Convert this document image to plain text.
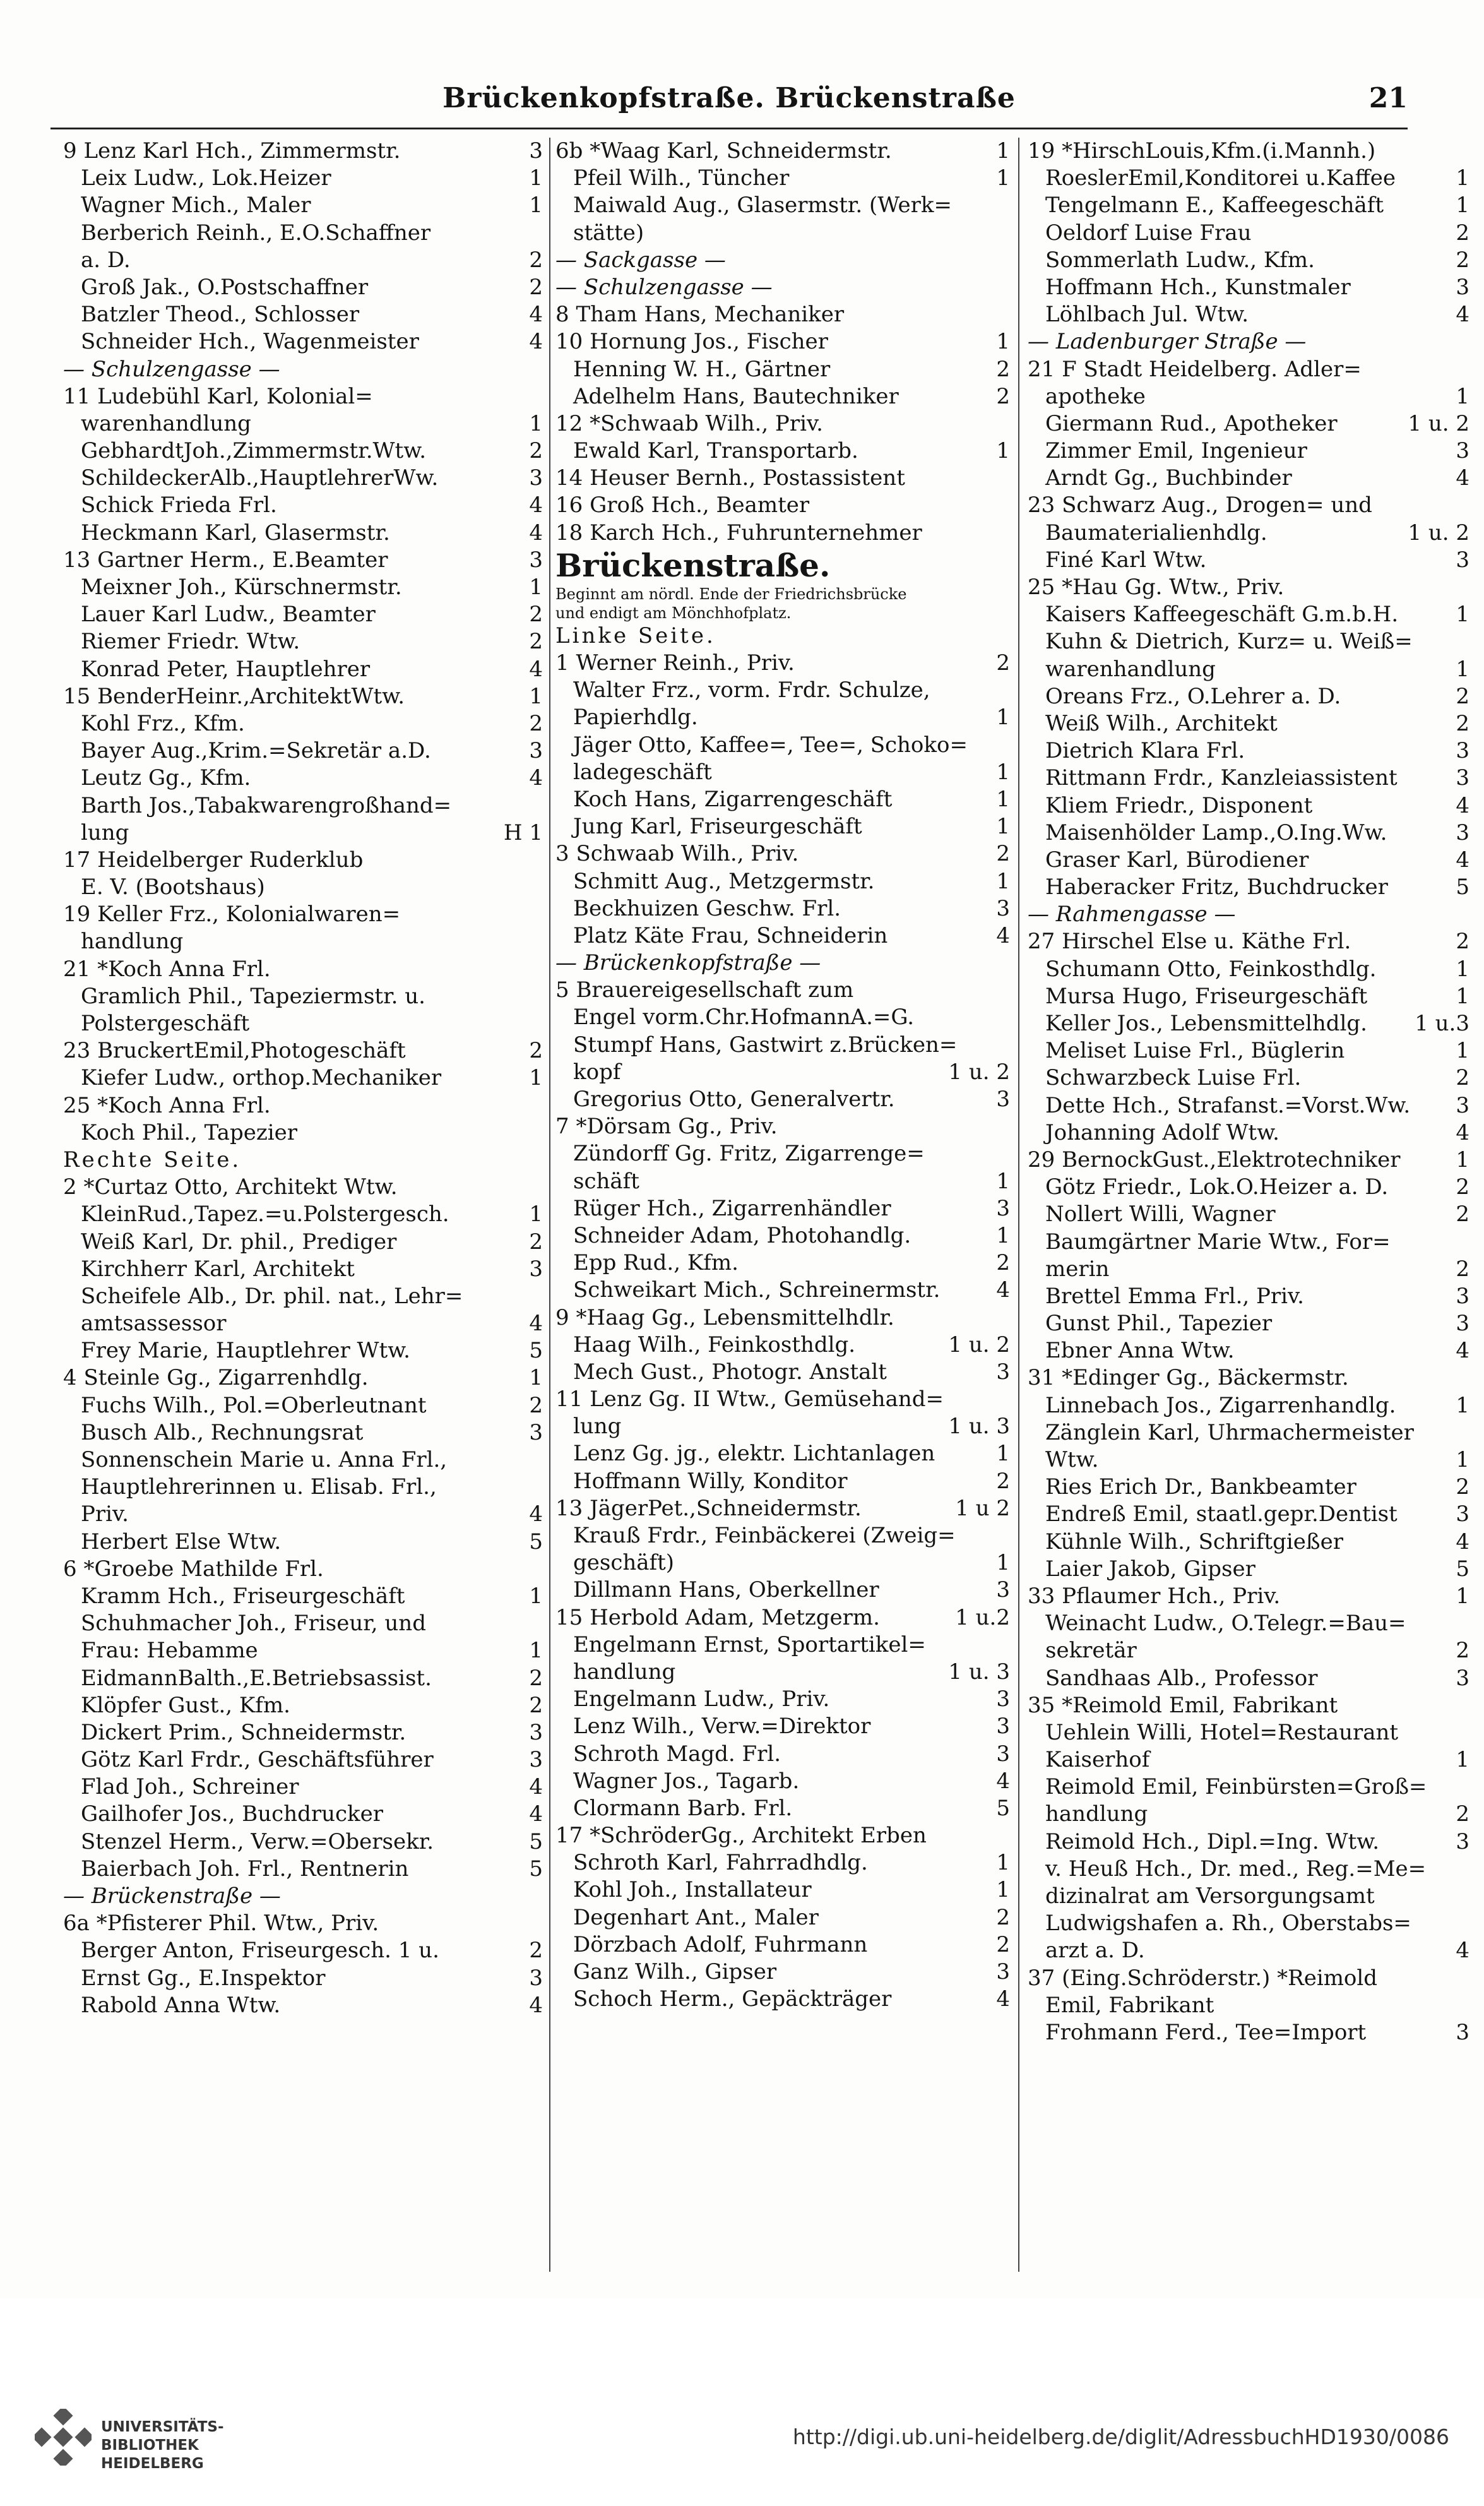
Brückenkopfstraße. Brückenstraße	21
9 Lenz Karl Hch., Zimmermstr.	3
Leix Ludw., Lok.Heizer	1
Wagner Mich., Maler	1
Berberich Reinh., E.O.Schaffner
a. D.	2
Groß Jak., O.Postschaffner	2
Batzler Theod., Schlosser	4
Schneider Hch., Wagenmeister	4
— Schulzengasse —
11 Ludebühl Karl, Kolonial=
warenhandlung	1
GebhardtJoh.,Zimmermstr.Wtw.	2
SchildeckerAlb.,HauptlehrerWw.	3
Schick Frieda Frl.	4
Heckmann Karl, Glasermstr.	4
13 Gartner Herm., E.Beamter	3
Meixner Joh., Kürschnermstr.	1
Lauer Karl Ludw., Beamter	2
Riemer Friedr. Wtw.	2
Konrad Peter, Hauptlehrer	4
15 BenderHeinr.,ArchitektWtw.	1
Kohl Frz., Kfm.	2
Bayer Aug.,Krim.=Sekretär a.D.	3
Leutz Gg., Kfm.	4
Barth Jos.,Tabakwarengroßhand=
lung	H 1
17 Heidelberger Ruderklub
E. V. (Bootshaus)
19 Keller Frz., Kolonialwaren=
handlung
21 *Koch Anna Frl.
Gramlich Phil., Tapeziermstr. u.
Polstergeschäft
23 BruckertEmil,Photogeschäft	2
Kiefer Ludw., orthop.Mechaniker	1
25 *Koch Anna Frl.
Koch Phil., Tapezier
Rechte Seite.
2 *Curtaz Otto, Architekt Wtw.
KleinRud.,Tapez.=u.Polstergesch.	1
Weiß Karl, Dr. phil., Prediger	2
Kirchherr Karl, Architekt	3
Scheifele Alb., Dr. phil. nat., Lehr=
amtsassessor	4
Frey Marie, Hauptlehrer Wtw.	5
4 Steinle Gg., Zigarrenhdlg.	1
Fuchs Wilh., Pol.=Oberleutnant	2
Busch Alb., Rechnungsrat	3
Sonnenschein Marie u. Anna Frl.,
Hauptlehrerinnen u. Elisab. Frl.,
Priv.	4
Herbert Else Wtw.	5
6 *Groebe Mathilde Frl.
Kramm Hch., Friseurgeschäft	1
Schuhmacher Joh., Friseur, und
Frau: Hebamme	1
EidmannBalth.,E.Betriebsassist.	2
Klöpfer Gust., Kfm.	2
Dickert Prim., Schneidermstr.	3
Götz Karl Frdr., Geschäftsführer	3
Flad Joh., Schreiner	4
Gailhofer Jos., Buchdrucker	4
Stenzel Herm., Verw.=Obersekr.	5
Baierbach Joh. Frl., Rentnerin	5
— Brückenstraße —
6a *Pfisterer Phil. Wtw., Priv.
Berger Anton, Friseurgesch. 1 u.	2
Ernst Gg., E.Inspektor	3
Rabold Anna Wtw.	4
6b *Waag Karl, Schneidermstr.	1
Pfeil Wilh., Tüncher	1
Maiwald Aug., Glasermstr. (Werk=
stätte)
— Sackgasse —
— Schulzengasse —
8 Tham Hans, Mechaniker
10 Hornung Jos., Fischer	1
Henning W. H., Gärtner	2
Adelhelm Hans, Bautechniker	2
12 *Schwaab Wilh., Priv.
Ewald Karl, Transportarb.	1
14 Heuser Bernh., Postassistent
16 Groß Hch., Beamter
18 Karch Hch., Fuhrunternehmer
Brückenstraße.
Beginnt am nördl. Ende der Friedrichsbrücke
und endigt am Mönchhofplatz.
Linke Seite.
1 Werner Reinh., Priv.	2
Walter Frz., vorm. Frdr. Schulze,
Papierhdlg.	1
Jäger Otto, Kaffee=, Tee=, Schoko=
ladegeschäft	1
Koch Hans, Zigarrengeschäft	1
Jung Karl, Friseurgeschäft	1
3 Schwaab Wilh., Priv.	2
Schmitt Aug., Metzgermstr.	1
Beckhuizen Geschw. Frl.	3
Platz Käte Frau, Schneiderin	4
— Brückenkopfstraße —
5 Brauereigesellschaft zum
Engel vorm.Chr.HofmannA.=G.
Stumpf Hans, Gastwirt z.Brücken=
kopf	1 u. 2
Gregorius Otto, Generalvertr.	3
7 *Dörsam Gg., Priv.
Zündorff Gg. Fritz, Zigarrenge=
schäft	1
Rüger Hch., Zigarrenhändler	3
Schneider Adam, Photohandlg.	1
Epp Rud., Kfm.	2
Schweikart Mich., Schreinermstr.	4
9 *Haag Gg., Lebensmittelhdlr.
Haag Wilh., Feinkosthdlg.	1 u. 2
Mech Gust., Photogr. Anstalt	3
11 Lenz Gg. II Wtw., Gemüsehand=
lung	1 u. 3
Lenz Gg. jg., elektr. Lichtanlagen	1
Hoffmann Willy, Konditor	2
13 JägerPet.,Schneidermstr.	1 u 2
Krauß Frdr., Feinbäckerei (Zweig=
geschäft)	1
Dillmann Hans, Oberkellner	3
15 Herbold Adam, Metzgerm.	1 u.2
Engelmann Ernst, Sportartikel=
handlung	1 u. 3
Engelmann Ludw., Priv.	3
Lenz Wilh., Verw.=Direktor	3
Schroth Magd. Frl.	3
Wagner Jos., Tagarb.	4
Clormann Barb. Frl.	5
17 *SchröderGg., Architekt Erben
Schroth Karl, Fahrradhdlg.	1
Kohl Joh., Installateur	1
Degenhart Ant., Maler	2
Dörzbach Adolf, Fuhrmann	2
Ganz Wilh., Gipser	3
Schoch Herm., Gepäckträger	4
19 *HirschLouis,Kfm.(i.Mannh.)
RoeslerEmil,Konditorei u.Kaffee	1
Tengelmann E., Kaffeegeschäft	1
Oeldorf Luise Frau	2
Sommerlath Ludw., Kfm.	2
Hoffmann Hch., Kunstmaler	3
Löhlbach Jul. Wtw.	4
— Ladenburger Straße —
21 F Stadt Heidelberg. Adler=
apotheke	1
Giermann Rud., Apotheker	1 u. 2
Zimmer Emil, Ingenieur	3
Arndt Gg., Buchbinder	4
23 Schwarz Aug., Drogen= und
Baumaterialienhdlg.	1 u. 2
Finé Karl Wtw.	3
25 *Hau Gg. Wtw., Priv.
Kaisers Kaffeegeschäft G.m.b.H.	1
Kuhn & Dietrich, Kurz= u. Weiß=
warenhandlung	1
Oreans Frz., O.Lehrer a. D.	2
Weiß Wilh., Architekt	2
Dietrich Klara Frl.	3
Rittmann Frdr., Kanzleiassistent	3
Kliem Friedr., Disponent	4
Maisenhölder Lamp.,O.Ing.Ww.	3
Graser Karl, Bürodiener	4
Haberacker Fritz, Buchdrucker	5
— Rahmengasse —
27 Hirschel Else u. Käthe Frl.	2
Schumann Otto, Feinkosthdlg.	1
Mursa Hugo, Friseurgeschäft	1
Keller Jos., Lebensmittelhdlg.	1 u.3
Meliset Luise Frl., Büglerin	1
Schwarzbeck Luise Frl.	2
Dette Hch., Strafanst.=Vorst.Ww.	3
Johanning Adolf Wtw.	4
29 BernockGust.,Elektrotechniker	1
Götz Friedr., Lok.O.Heizer a. D.	2
Nollert Willi, Wagner	2
Baumgärtner Marie Wtw., For=
merin	2
Brettel Emma Frl., Priv.	3
Gunst Phil., Tapezier	3
Ebner Anna Wtw.	4
31 *Edinger Gg., Bäckermstr.
Linnebach Jos., Zigarrenhandlg.	1
Zänglein Karl, Uhrmachermeister
Wtw.	1
Ries Erich Dr., Bankbeamter	2
Endreß Emil, staatl.gepr.Dentist	3
Kühnle Wilh., Schriftgießer	4
Laier Jakob, Gipser	5
33 Pflaumer Hch., Priv.	1
Weinacht Ludw., O.Telegr.=Bau=
sekretär	2
Sandhaas Alb., Professor	3
35 *Reimold Emil, Fabrikant
Uehlein Willi, Hotel=Restaurant
Kaiserhof	1
Reimold Emil, Feinbürsten=Groß=
handlung	2
Reimold Hch., Dipl.=Ing. Wtw.	3
v. Heuß Hch., Dr. med., Reg.=Me=
dizinalrat am Versorgungsamt
Ludwigshafen a. Rh., Oberstabs=
arzt a. D.	4
37 (Eing.Schröderstr.) *Reimold
Emil, Fabrikant
Frohmann Ferd., Tee=Import	3
UNIVERSITÄTS-
BIBLIOTHEK
HEIDELBERG
http://digi.ub.uni-heidelberg.de/diglit/AdressbuchHD1930/0086
